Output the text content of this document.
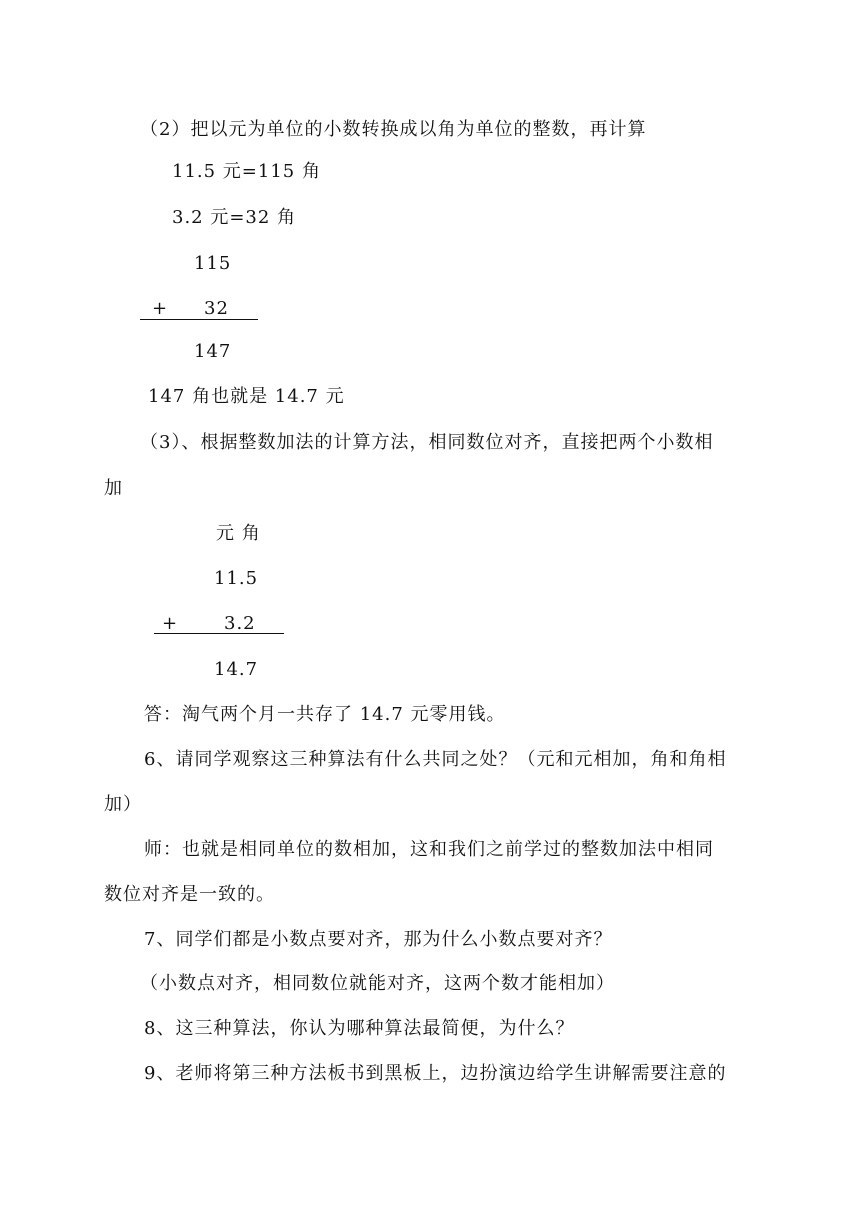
（2）把以元为单位的小数转换成以角为单位的整数，再计算
11.5 元=115 角
3.2 元=32 角
115
+ 32
147
147 角也就是 14.7 元
（3）、根据整数加法的计算方法，相同数位对齐，直接把两个小数相
加
元 角
11.5
+	3.2
14.7
答：淘气两个月一共存了 14.7 元零用钱。
6、请同学观察这三种算法有什么共同之处？（元和元相加，角和角相
加）
师：也就是相同单位的数相加，这和我们之前学过的整数加法中相同
数位对齐是一致的。
7、同学们都是小数点要对齐，那为什么小数点要对齐？
（小数点对齐，相同数位就能对齐，这两个数才能相加）
8、这三种算法，你认为哪种算法最简便，为什么？
9、老师将第三种方法板书到黑板上，边扮演边给学生讲解需要注意的
